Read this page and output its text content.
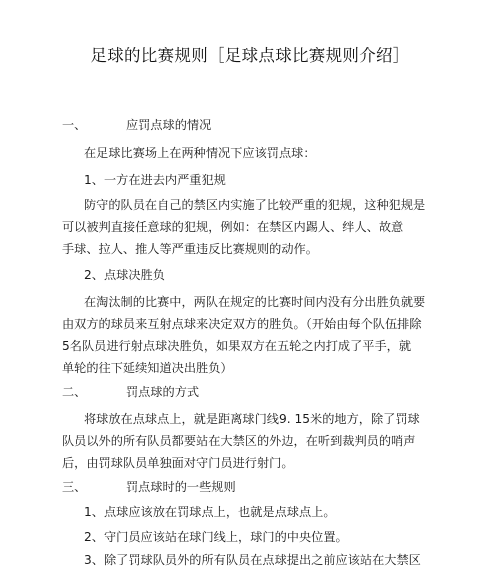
足球的比赛规则［足球点球比赛规则介绍］
一、	应罚点球的情况
在足球比赛场上在两种情况下应该罚点球：
1、一方在进去内严重犯规
防守的队员在自己的禁区内实施了比较严重的犯规，这种犯规是
可以被判直接任意球的犯规，例如：在禁区内踢人、绊人、故意
手球、拉人、推人等严重违反比赛规则的动作。
2、点球决胜负
在淘汰制的比赛中，两队在规定的比赛时间内没有分出胜负就要
由双方的球员来互射点球来决定双方的胜负。（开始由每个队伍排除
5名队员进行射点球决胜负，如果双方在五轮之内打成了平手，就
单轮的往下延续知道决出胜负）
二、	罚点球的方式
将球放在点球点上，就是距离球门线9. 15米的地方，除了罚球
队员以外的所有队员都要站在大禁区的外边，在听到裁判员的哨声
后，由罚球队员单独面对守门员进行射门。
三、	罚点球时的一些规则
1、点球应该放在罚球点上，也就是点球点上。
2、守门员应该站在球门线上，球门的中央位置。
3、除了罚球队员外的所有队员在点球提出之前应该站在大禁区
